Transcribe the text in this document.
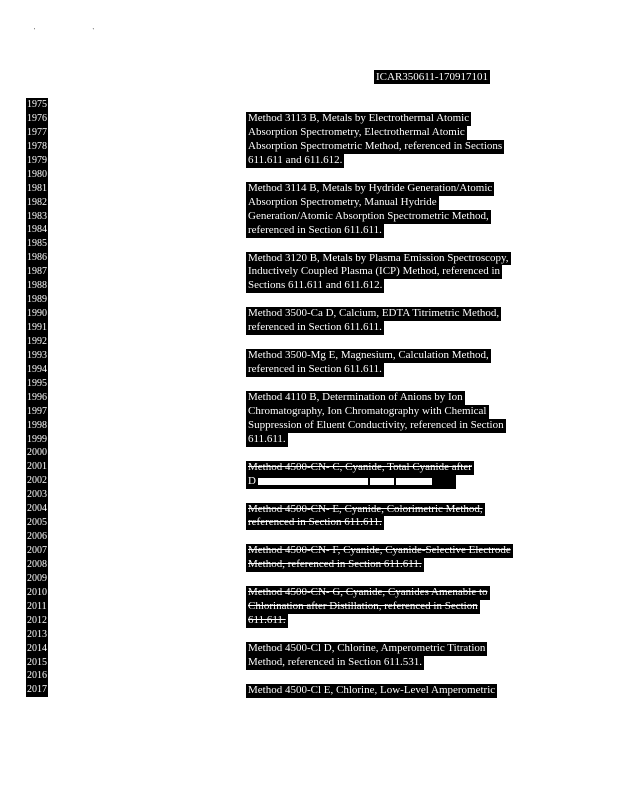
' '
ICAR350611-170917101
1975
1976
1977
1978
1979
1980
1981
1982
1983
1984
1985
1986
1987
1988
1989
1990
1991
1992
1993
1994
1995
1996
1997
1998
1999
2000
2001
2002
2003
2004
2005
2006
2007
2008
2009
2010
2011
2012
2013
2014
2015
2016
2017
Method 3113 B, Metals by Electrothermal Atomic
Absorption Spectrometry, Electrothermal Atomic
Absorption Spectrometric Method, referenced in Sections
611.611 and 611.612.
Method 3114 B, Metals by Hydride Generation/Atomic
Absorption Spectrometry, Manual Hydride
Generation/Atomic Absorption Spectrometric Method,
referenced in Section 611.611.
Method 3120 B, Metals by Plasma Emission Spectroscopy,
Inductively Coupled Plasma (ICP) Method, referenced in
Sections 611.611 and 611.612.
Method 3500-Ca D, Calcium, EDTA Titrimetric Method,
referenced in Section 611.611.
Method 3500-Mg E, Magnesium, Calculation Method,
referenced in Section 611.611.
Method 4110 B, Determination of Anions by Ion
Chromatography, Ion Chromatography with Chemical
Suppression of Eluent Conductivity, referenced in Section
611.611.
Method 4500-CN- C, Cyanide, Total Cyanide after
D
Method 4500-CN- E, Cyanide, Colorimetric Method,
referenced in Section 611.611.
Method 4500-CN- F, Cyanide, Cyanide-Selective Electrode
Method, referenced in Section 611.611.
Method 4500-CN- G, Cyanide, Cyanides Amenable to
Chlorination after Distillation, referenced in Section
611.611.
Method 4500-Cl D, Chlorine, Amperometric Titration
Method, referenced in Section 611.531.
Method 4500-Cl E, Chlorine, Low-Level Amperometric
